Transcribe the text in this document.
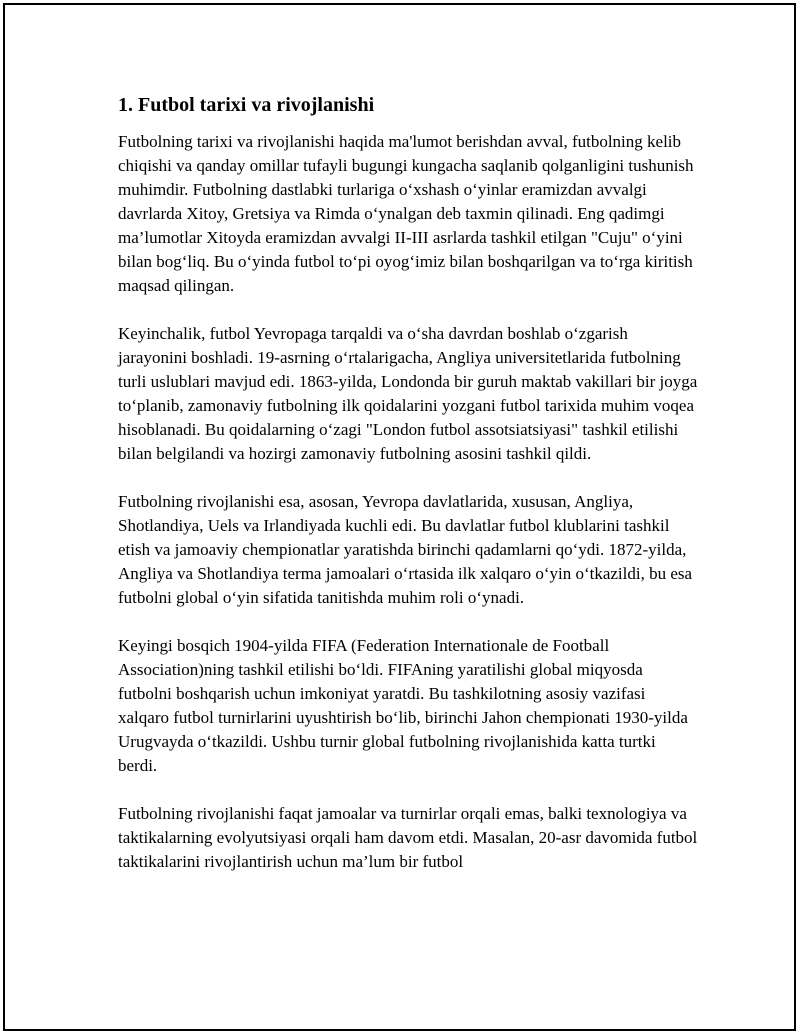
1. Futbol tarixi va rivojlanishi

Futbolning tarixi va rivojlanishi haqida ma'lumot berishdan avval, futbolning kelib chiqishi va qanday omillar tufayli bugungi kungacha saqlanib qolganligini tushunish muhimdir. Futbolning dastlabki turlariga o‘xshash o‘yinlar eramizdan avvalgi davrlarda Xitoy, Gretsiya va Rimda o‘ynalgan deb taxmin qilinadi. Eng qadimgi ma’lumotlar Xitoyda eramizdan avvalgi II-III asrlarda tashkil etilgan "Cuju" o‘yini bilan bog‘liq. Bu o‘yinda futbol to‘pi oyog‘imiz bilan boshqarilgan va to‘rga kiritish maqsad qilingan.

Keyinchalik, futbol Yevropaga tarqaldi va o‘sha davrdan boshlab o‘zgarish jarayonini boshladi. 19-asrning o‘rtalarigacha, Angliya universitetlarida futbolning turli uslublari mavjud edi. 1863-yilda, Londonda bir guruh maktab vakillari bir joyga to‘planib, zamonaviy futbolning ilk qoidalarini yozgani futbol tarixida muhim voqea hisoblanadi. Bu qoidalarning o‘zagi "London futbol assotsiatsiyasi" tashkil etilishi bilan belgilandi va hozirgi zamonaviy futbolning asosini tashkil qildi.

Futbolning rivojlanishi esa, asosan, Yevropa davlatlarida, xususan, Angliya, Shotlandiya, Uels va Irlandiyada kuchli edi. Bu davlatlar futbol klublarini tashkil etish va jamoaviy chempionatlar yaratishda birinchi qadamlarni qo‘ydi. 1872-yilda, Angliya va Shotlandiya terma jamoalari o‘rtasida ilk xalqaro o‘yin o‘tkazildi, bu esa futbolni global o‘yin sifatida tanitishda muhim roli o‘ynadi.

Keyingi bosqich 1904-yilda FIFA (Federation Internationale de Football Association)ning tashkil etilishi bo‘ldi. FIFAning yaratilishi global miqyosda futbolni boshqarish uchun imkoniyat yaratdi. Bu tashkilotning asosiy vazifasi xalqaro futbol turnirlarini uyushtirish bo‘lib, birinchi Jahon chempionati 1930-yilda Urugvayda o‘tkazildi. Ushbu turnir global futbolning rivojlanishida katta turtki berdi.

Futbolning rivojlanishi faqat jamoalar va turnirlar orqali emas, balki texnologiya va taktikalarning evolyutsiyasi orqali ham davom etdi. Masalan, 20-asr davomida futbol taktikalarini rivojlantirish uchun ma’lum bir futbol
